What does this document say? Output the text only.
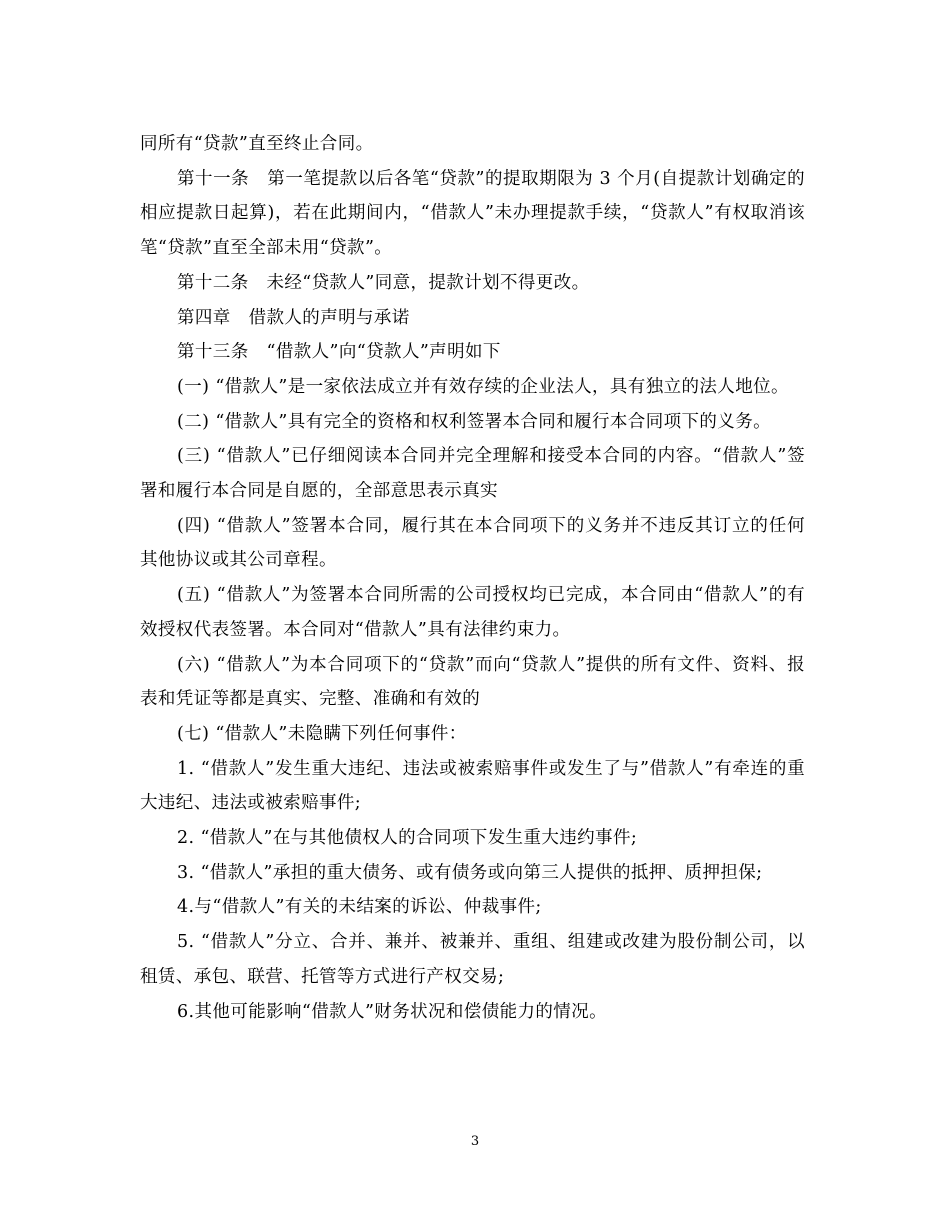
同所有“贷款”直至终止合同。

第十一条　第一笔提款以后各笔“贷款”的提取期限为 3 个月(自提款计划确定的相应提款日起算)，若在此期间内，“借款人”未办理提款手续，“贷款人”有权取消该笔“贷款”直至全部未用“贷款”。

第十二条　未经“贷款人”同意，提款计划不得更改。

第四章　借款人的声明与承诺

第十三条　“借款人”向“贷款人”声明如下

(一) “借款人”是一家依法成立并有效存续的企业法人，具有独立的法人地位。

(二) “借款人”具有完全的资格和权利签署本合同和履行本合同项下的义务。

(三) “借款人”已仔细阅读本合同并完全理解和接受本合同的内容。“借款人”签署和履行本合同是自愿的，全部意思表示真实

(四) “借款人”签署本合同，履行其在本合同项下的义务并不违反其订立的任何其他协议或其公司章程。

(五) “借款人”为签署本合同所需的公司授权均已完成，本合同由“借款人”的有效授权代表签署。本合同对“借款人”具有法律约束力。

(六) “借款人”为本合同项下的“贷款”而向“贷款人”提供的所有文件、资料、报表和凭证等都是真实、完整、准确和有效的

(七) “借款人”未隐瞒下列任何事件：

1. “借款人”发生重大违纪、违法或被索赔事件或发生了与”借款人”有牵连的重大违纪、违法或被索赔事件;

2. “借款人”在与其他债权人的合同项下发生重大违约事件;

3. “借款人”承担的重大债务、或有债务或向第三人提供的抵押、质押担保;

4.与“借款人”有关的未结案的诉讼、仲裁事件;

5. “借款人”分立、合并、兼并、被兼并、重组、组建或改建为股份制公司，以租赁、承包、联营、托管等方式进行产权交易;

6.其他可能影响“借款人”财务状况和偿债能力的情况。

3
